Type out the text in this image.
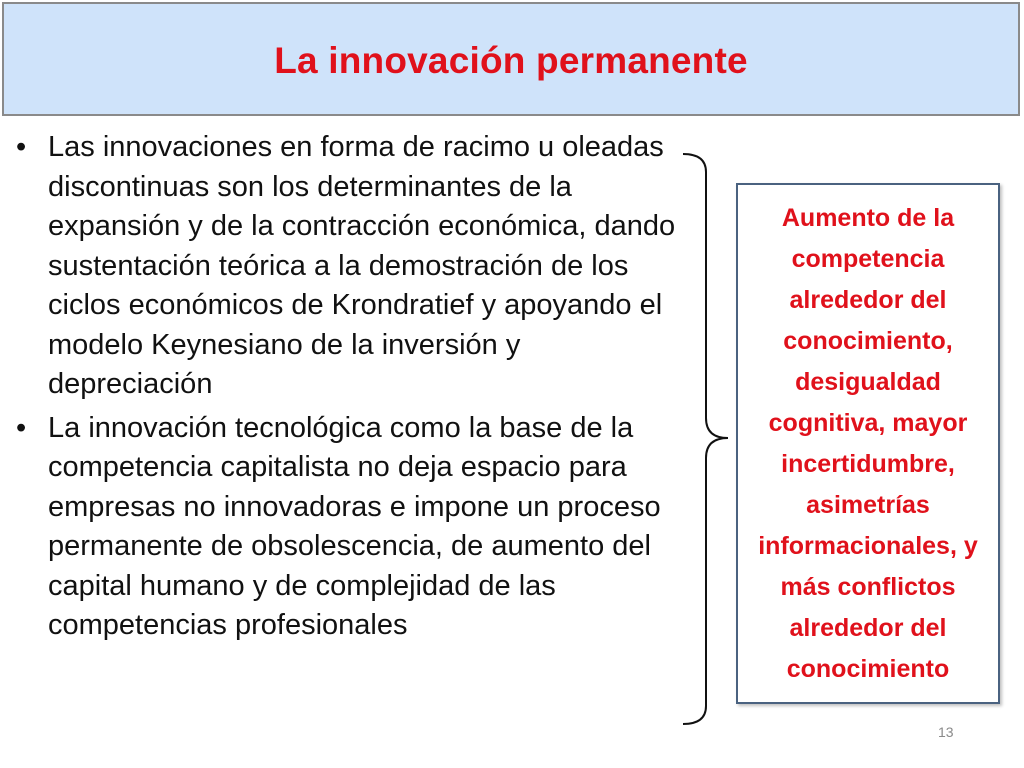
La innovación permanente
• Las innovaciones en forma de racimo u oleadas discontinuas son los determinantes de la expansión y de la contracción económica, dando sustentación teórica a la demostración de los ciclos económicos de Krondratief y apoyando el modelo Keynesiano de la inversión y depreciación
• La innovación tecnológica como la base de la competencia capitalista no deja espacio para empresas no innovadoras e impone un proceso permanente de obsolescencia, de aumento del capital humano y de complejidad de las competencias profesionales
Aumento de la competencia alrededor del conocimiento, desigualdad cognitiva, mayor incertidumbre, asimetrías informacionales, y más conflictos alrededor del conocimiento
13
